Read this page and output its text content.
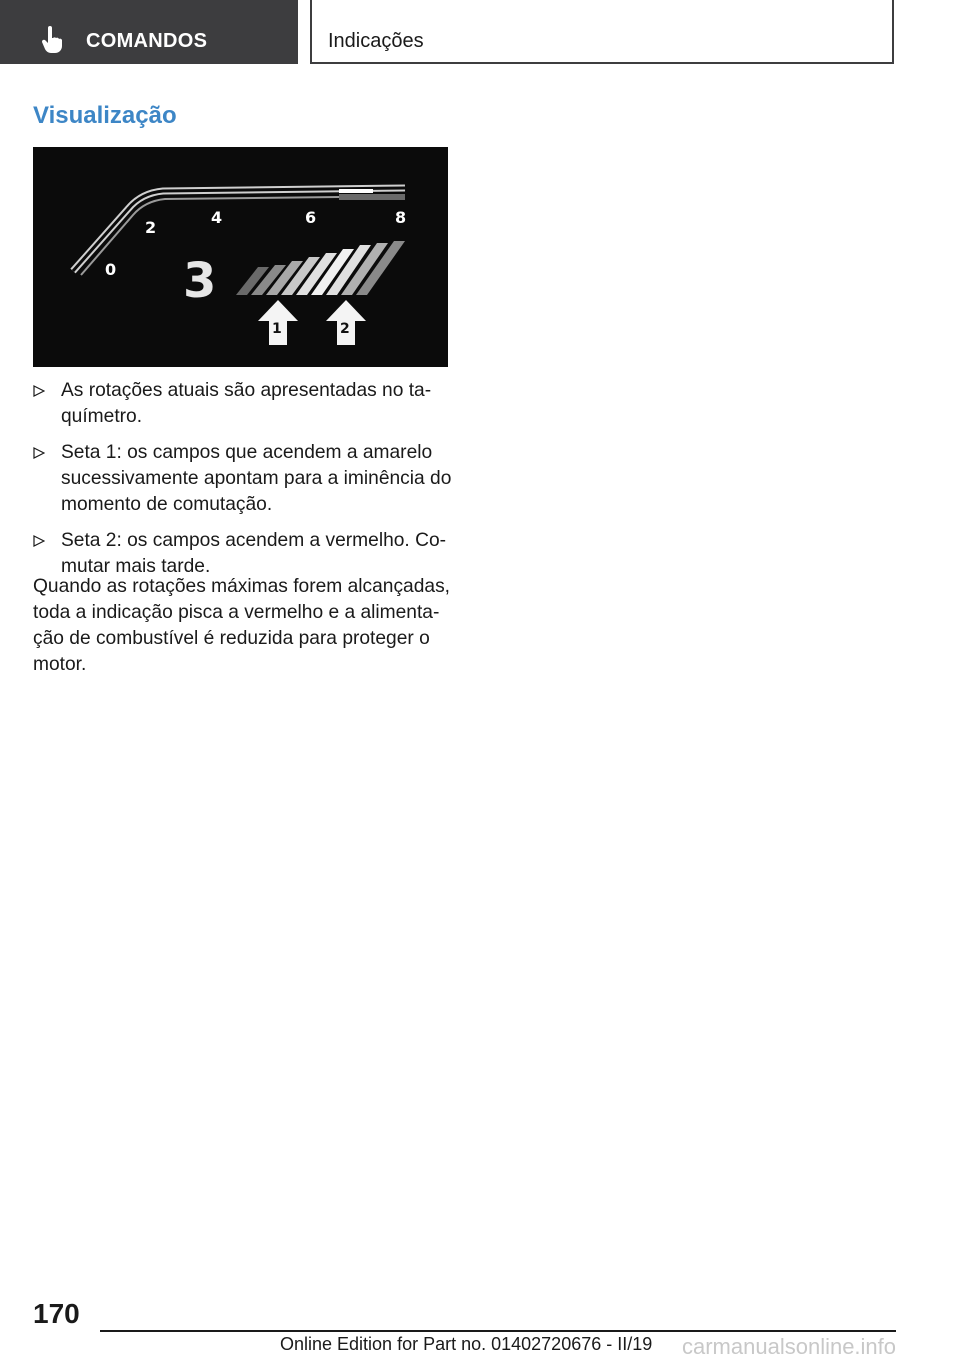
COMANDOS	Indicações
Visualização
0
2
4	6	8
3
1	2
As rotações atuais são apresentadas no ta-
químetro.
Seta 1: os campos que acendem a amarelo sucessivamente apontam para a iminência do momento de comutação.
Seta 2: os campos acendem a vermelho. Co-
mutar mais tarde.

Quando as rotações máximas forem alcançadas, toda a indicação pisca a vermelho e a alimenta-
ção de combustível é reduzida para proteger o motor.

170
Online Edition for Part no. 01402720676 - II/19 carmanualsonline.info
